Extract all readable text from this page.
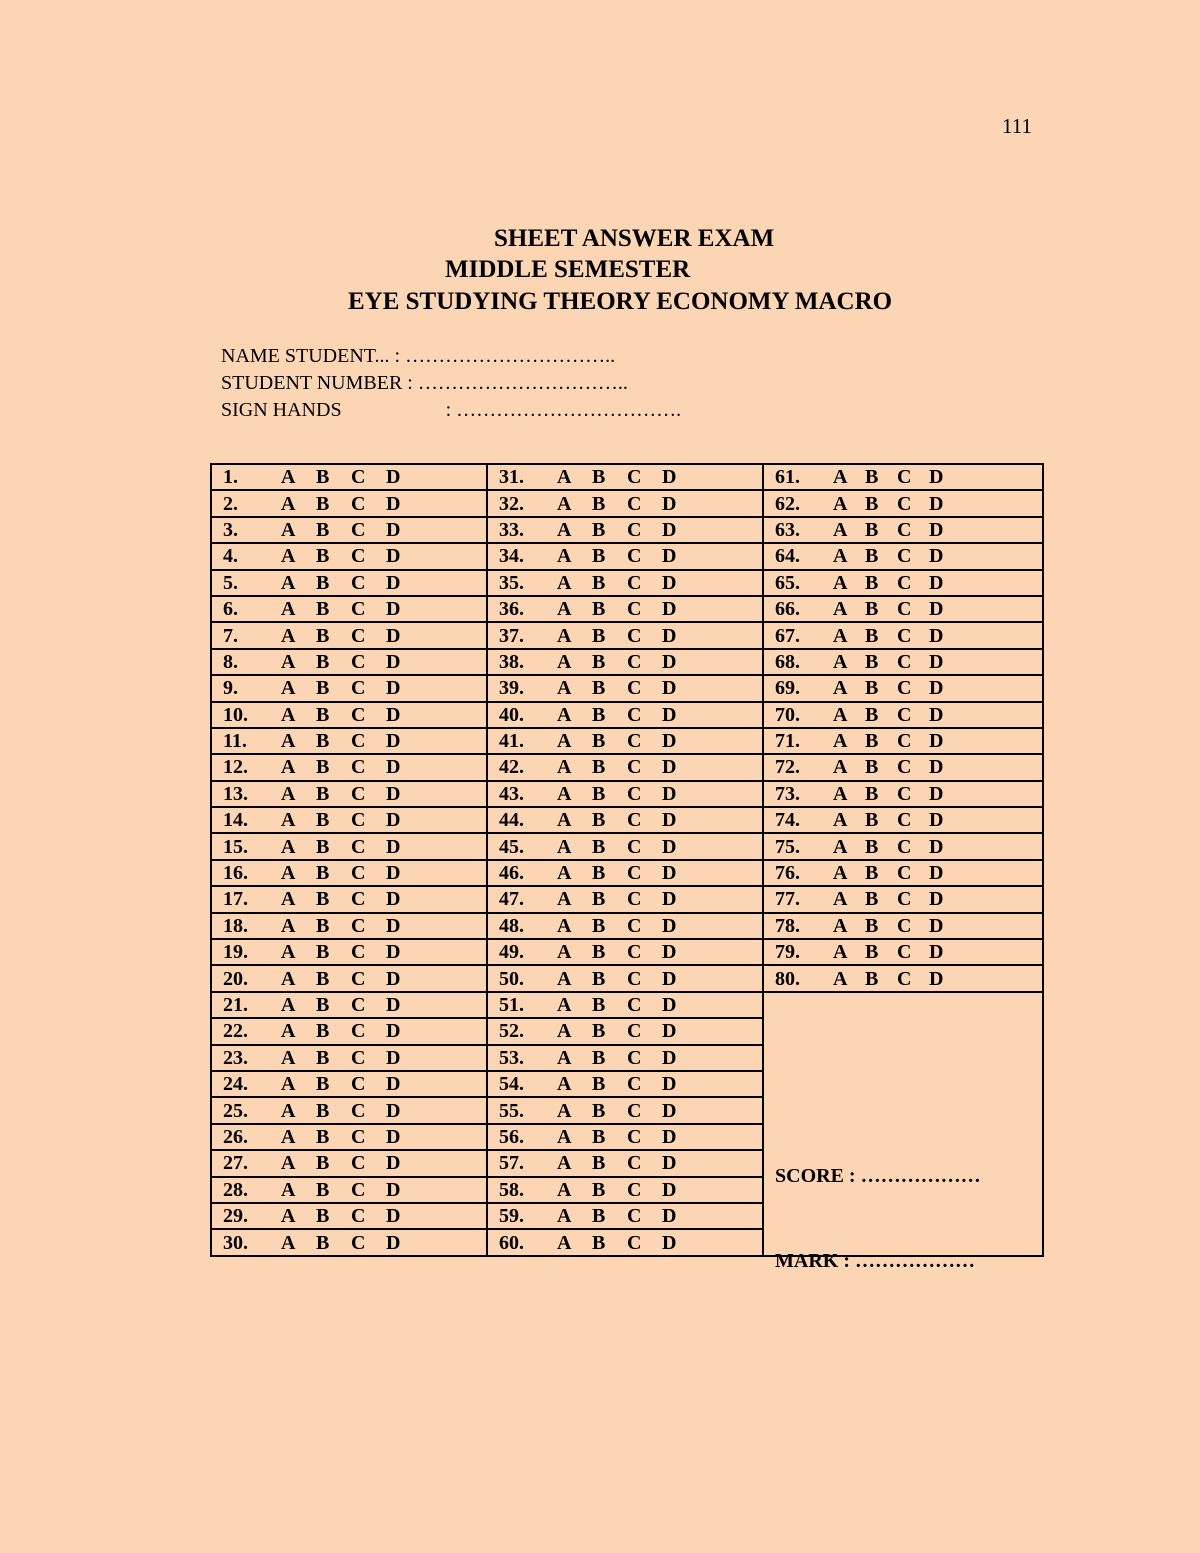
111
SHEET ANSWER EXAM
MIDDLE SEMESTER
EYE STUDYING THEORY ECONOMY MACRO
NAME STUDENT... : …………………………..
STUDENT NUMBER : …………………………..
SIGN HANDS	: …………………………….
1. A B C D	31. A B C D	61. A B C D
2. A B C D	32. A B C D	62. A B C D
3. A B C D	33. A B C D	63. A B C D
4. A B C D	34. A B C D	64. A B C D
5. A B C D	35. A B C D	65. A B C D
6. A B C D	36. A B C D	66. A B C D
7. A B C D	37. A B C D	67. A B C D
8. A B C D	38. A B C D	68. A B C D
9. A B C D	39. A B C D	69. A B C D
10. A B C D	40. A B C D	70. A B C D
11. A B C D	41. A B C D	71. A B C D
12. A B C D	42. A B C D	72. A B C D
13. A B C D	43. A B C D	73. A B C D
14. A B C D	44. A B C D	74. A B C D
15. A B C D	45. A B C D	75. A B C D
16. A B C D	46. A B C D	76. A B C D
17. A B C D	47. A B C D	77. A B C D
18. A B C D	48. A B C D	78. A B C D
19. A B C D	49. A B C D	79. A B C D
20. A B C D	50. A B C D	80. A B C D
21. A B C D	51. A B C D	SCORE : ………………
MARK : ………………

22. A B C D	52. A B C D	
23. A B C D	53. A B C D	
24. A B C D	54. A B C D	
25. A B C D	55. A B C D	
26. A B C D	56. A B C D	
27. A B C D	57. A B C D	
28. A B C D	58. A B C D	
29. A B C D	59. A B C D	
30. A B C D	60. A B C D	
